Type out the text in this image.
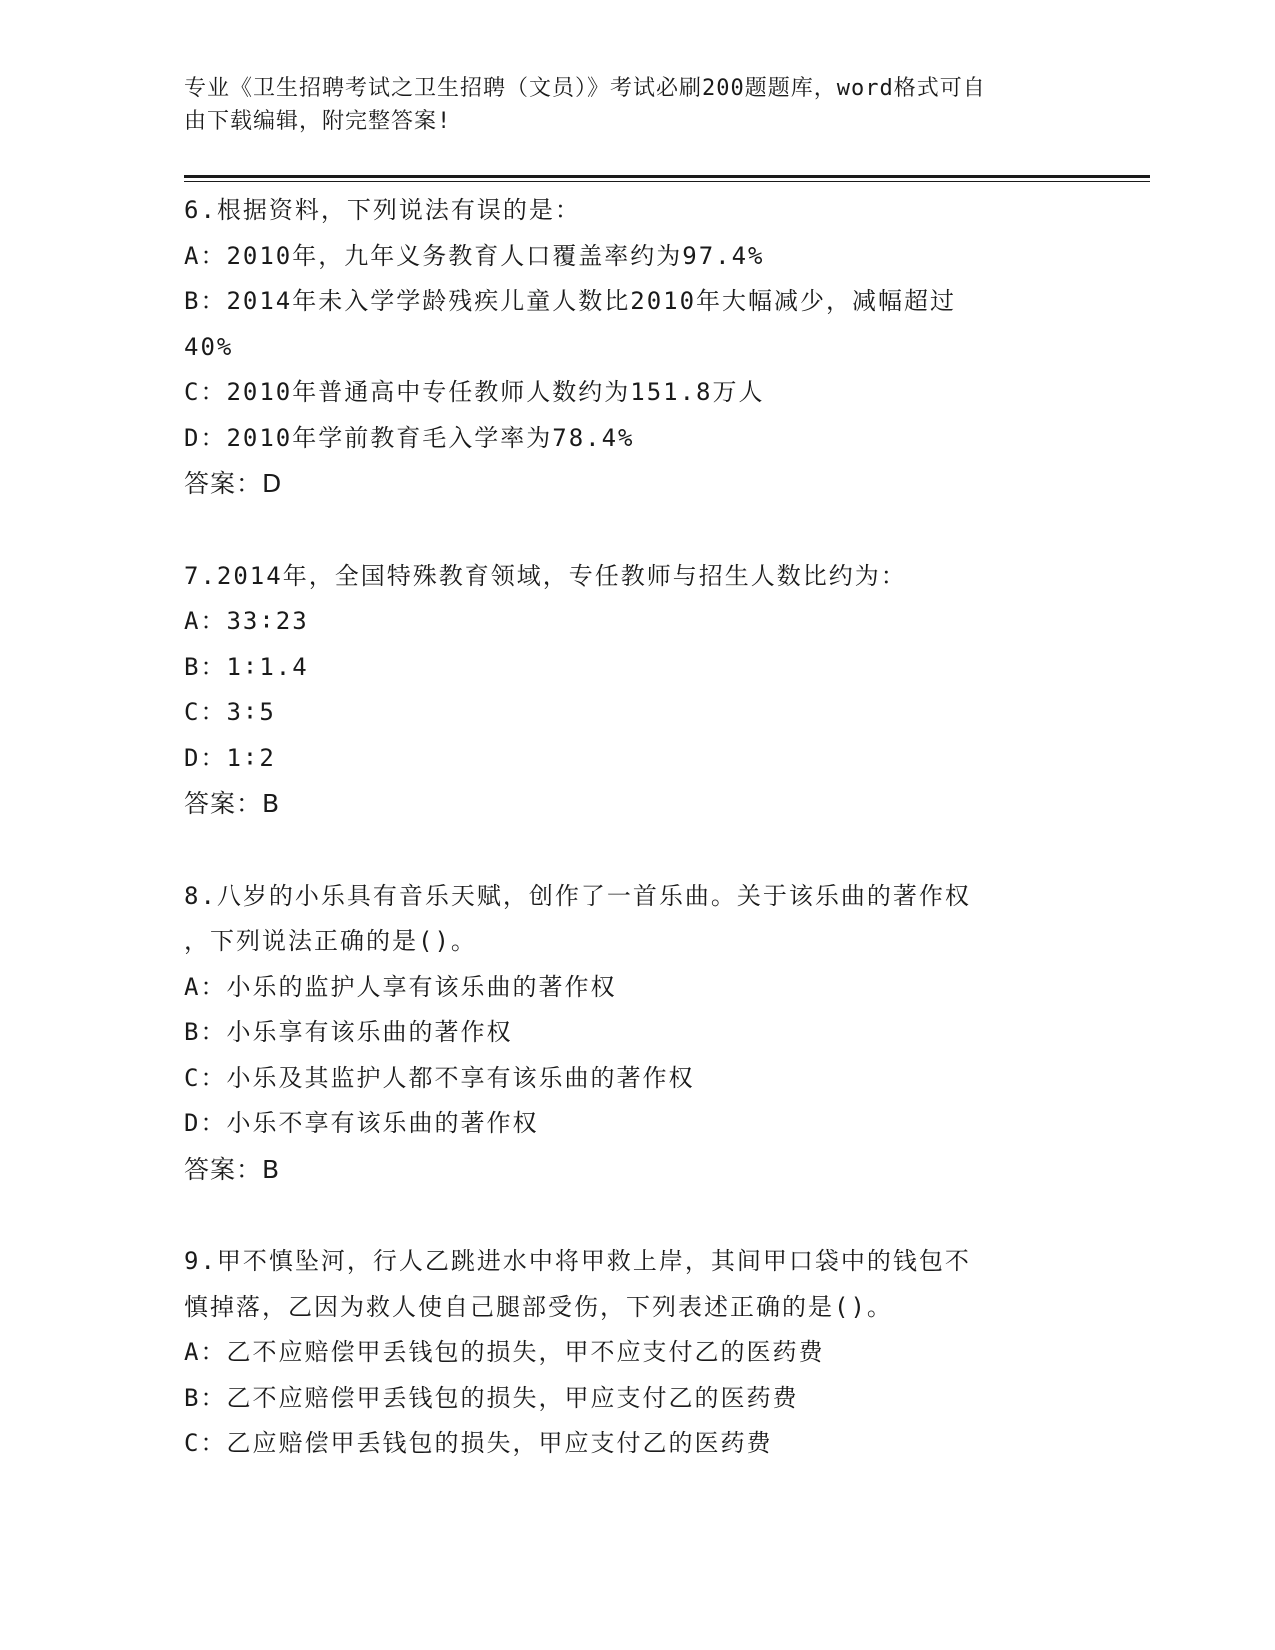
专业《卫生招聘考试之卫生招聘（文员）》考试必刷200题题库，word格式可自
由下载编辑，附完整答案!
6.根据资料，下列说法有误的是：
A：2010年，九年义务教育人口覆盖率约为97.4%
B：2014年未入学学龄残疾儿童人数比2010年大幅减少，减幅超过
40%
C：2010年普通高中专任教师人数约为151.8万人
D：2010年学前教育毛入学率为78.4%
答案：D
7.2014年，全国特殊教育领域，专任教师与招生人数比约为：
A：33∶23
B：1∶1.4
C：3∶5
D：1∶2
答案：B
8.八岁的小乐具有音乐天赋，创作了一首乐曲。关于该乐曲的著作权
，下列说法正确的是()。
A：小乐的监护人享有该乐曲的著作权
B：小乐享有该乐曲的著作权
C：小乐及其监护人都不享有该乐曲的著作权
D：小乐不享有该乐曲的著作权
答案：B
9.甲不慎坠河，行人乙跳进水中将甲救上岸，其间甲口袋中的钱包不
慎掉落，乙因为救人使自己腿部受伤，下列表述正确的是()。
A：乙不应赔偿甲丢钱包的损失，甲不应支付乙的医药费
B：乙不应赔偿甲丢钱包的损失，甲应支付乙的医药费
C：乙应赔偿甲丢钱包的损失，甲应支付乙的医药费
